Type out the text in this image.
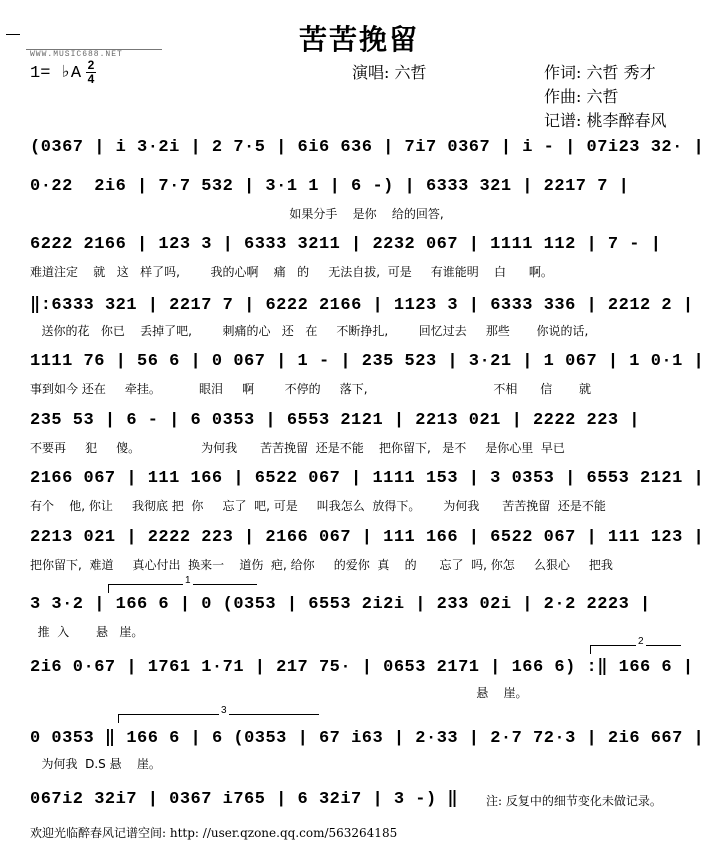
WWW.MUSIC688.NET	苦苦挽留
1= ♭A 2
4	演唱: 六哲	作词: 六哲 秀才
作曲: 六哲
记谱: 桃李醉春风
(0367 | i 3·2i | 2 7·5 | 6i6 636 | 7i7 0367 | i - | 07i23 32· |
0·22  2i6 | 7·7 532 | 3·1 1 | 6 -) | 6333 321 | 2217 7 |
如果分手    是你    给的回答,
6222 2166 | 123 3 | 6333 3211 | 2232 067 | 1111 112 | 7 - |
难道注定    就   这   样了吗,        我的心啊    痛   的     无法自拔,  可是     有谁能明    白      啊。
‖:6333 321 | 2217 7 | 6222 2166 | 1123 3 | 6333 336 | 2212 2 |
送你的花   你已    丢掉了吧,        刺痛的心   还   在     不断挣扎,        回忆过去     那些       你说的话,
1111 76 | 56 6 | 0 067 | 1 - | 235 523 | 3·21 | 1 067 | 1 0·1 |
事到如今 还在     牵挂。          眼泪     啊        不停的     落下,                                 不相      信       就
235 53 | 6 - | 6 0353 | 6553 2121 | 2213 021 | 2222 223 |
不要再     犯     傻。                为何我      苦苦挽留  还是不能    把你留下,   是不     是你心里  早已
2166 067 | 111 166 | 6522 067 | 1111 153 | 3 0353 | 6553 2121 |
有个    他, 你让     我彻底 把  你     忘了  吧, 可是     叫我怎么  放得下。      为何我      苦苦挽留  还是不能
2213 021 | 2222 223 | 2166 067 | 111 166 | 6522 067 | 111 123 |
把你留下,  难道     真心付出  换来一    道伤  疤, 给你     的爱你  真    的      忘了  吗, 你怎     么狠心     把我
3 3·2 | 166 6 | 0 (0353 | 6553 2i2i | 233 02i | 2·2 2223 |
推  入       悬   崖。
2i6 0·67 | 1761 1·71 | 217 75· | 0653 2171 | 166 6) :‖ 166 6 |
悬    崖。
0 0353 ‖ 166 6 | 6 (0353 | 67 i63 | 2·33 | 2·7 72·3 | 2i6 667 |
为何我  D.S 悬    崖。
067i2 32i7 | 0367 i765 | 6 32i7 | 3 -) ‖
1
2
3
注: 反复中的细节变化未做记录。
欢迎光临醉春风记谱空间: http: //user.qzone.qq.com/563264185
